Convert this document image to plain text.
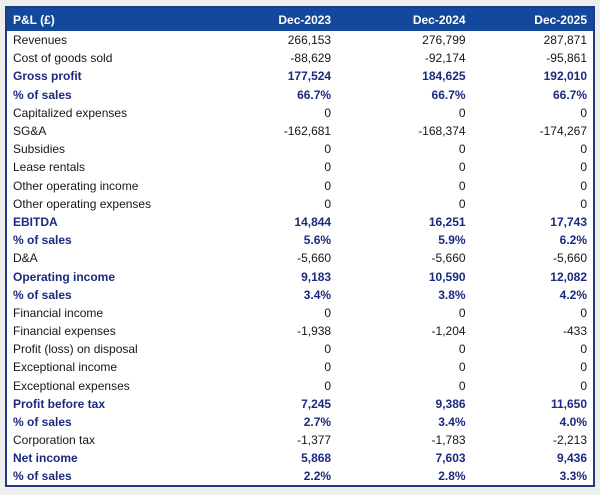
P&L (£)	Dec-2023	Dec-2024	Dec-2025
Revenues	266,153	276,799	287,871
Cost of goods sold	-88,629	-92,174	-95,861
Gross profit	177,524	184,625	192,010
% of sales	66.7%	66.7%	66.7%
Capitalized expenses	0	0	0
SG&A	-162,681	-168,374	-174,267
Subsidies	0	0	0
Lease rentals	0	0	0
Other operating income	0	0	0
Other operating expenses	0	0	0
EBITDA	14,844	16,251	17,743
% of sales	5.6%	5.9%	6.2%
D&A	-5,660	-5,660	-5,660
Operating income	9,183	10,590	12,082
% of sales	3.4%	3.8%	4.2%
Financial income	0	0	0
Financial expenses	-1,938	-1,204	-433
Profit (loss) on disposal	0	0	0
Exceptional income	0	0	0
Exceptional expenses	0	0	0
Profit before tax	7,245	9,386	11,650
% of sales	2.7%	3.4%	4.0%
Corporation tax	-1,377	-1,783	-2,213
Net income	5,868	7,603	9,436
% of sales	2.2%	2.8%	3.3%
